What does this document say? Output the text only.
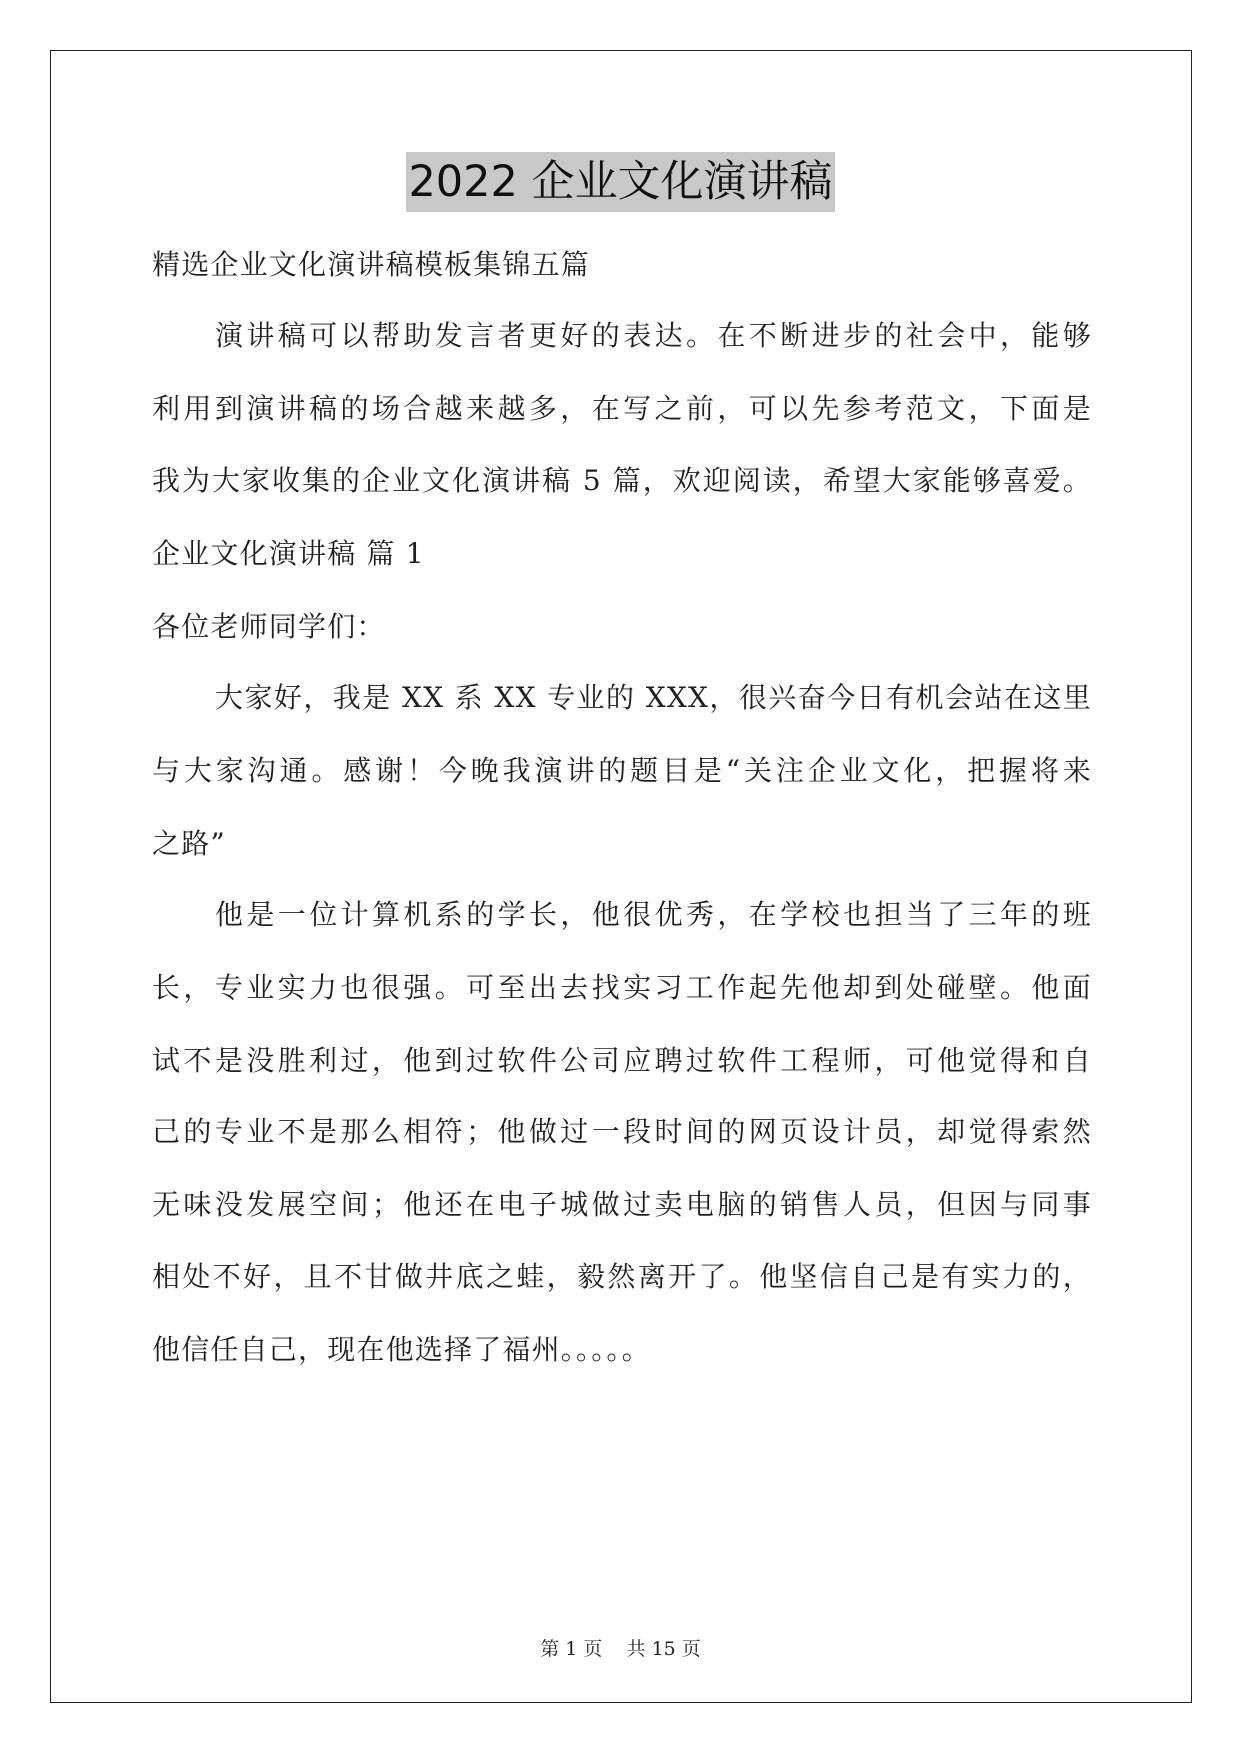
2022 企业文化演讲稿
精选企业文化演讲稿模板集锦五篇
演讲稿可以帮助发言者更好的表达。在不断进步的社会中，能够
利用到演讲稿的场合越来越多，在写之前，可以先参考范文，下面是
我为大家收集的企业文化演讲稿 5 篇，欢迎阅读，希望大家能够喜爱。
企业文化演讲稿 篇 1
各位老师同学们：
大家好，我是 XX 系 XX 专业的 XXX，很兴奋今日有机会站在这里
与大家沟通。感谢！今晚我演讲的题目是“关注企业文化，把握将来
之路”
他是一位计算机系的学长，他很优秀，在学校也担当了三年的班
长，专业实力也很强。可至出去找实习工作起先他却到处碰壁。他面
试不是没胜利过，他到过软件公司应聘过软件工程师，可他觉得和自
己的专业不是那么相符；他做过一段时间的网页设计员，却觉得索然
无味没发展空间；他还在电子城做过卖电脑的销售人员，但因与同事
相处不好，且不甘做井底之蛙，毅然离开了。他坚信自己是有实力的，
他信任自己，现在他选择了福州。。。。。
第 1 页 共 15 页
